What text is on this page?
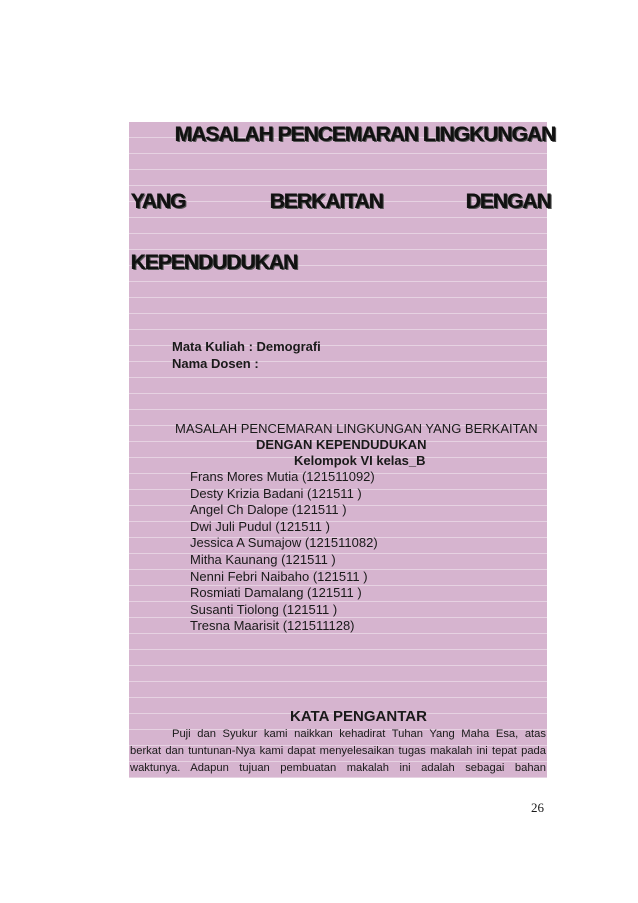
MASALAH PENCEMARAN LINGKUNGAN
YANG	BERKAITAN	DENGAN
KEPENDUDUKAN
Mata Kuliah : Demografi
Nama Dosen :
MASALAH PENCEMARAN LINGKUNGAN YANG BERKAITAN
DENGAN KEPENDUDUKAN
Kelompok VI kelas_B
Frans Mores Mutia (121511092)
Desty Krizia Badani (121511 )
Angel Ch Dalope (121511 )
Dwi Juli Pudul (121511 )
Jessica A Sumajow (121511082)
Mitha Kaunang (121511 )
Nenni Febri Naibaho (121511 )
Rosmiati Damalang (121511 )
Susanti Tiolong (121511 )
Tresna Maarisit (121511128)
KATA PENGANTAR
Puji dan Syukur kami naikkan kehadirat Tuhan Yang Maha Esa, atas
berkat dan tuntunan-Nya kami dapat menyelesaikan tugas makalah ini tepat pada
waktunya. Adapun tujuan pembuatan makalah ini adalah sebagai bahan
26
